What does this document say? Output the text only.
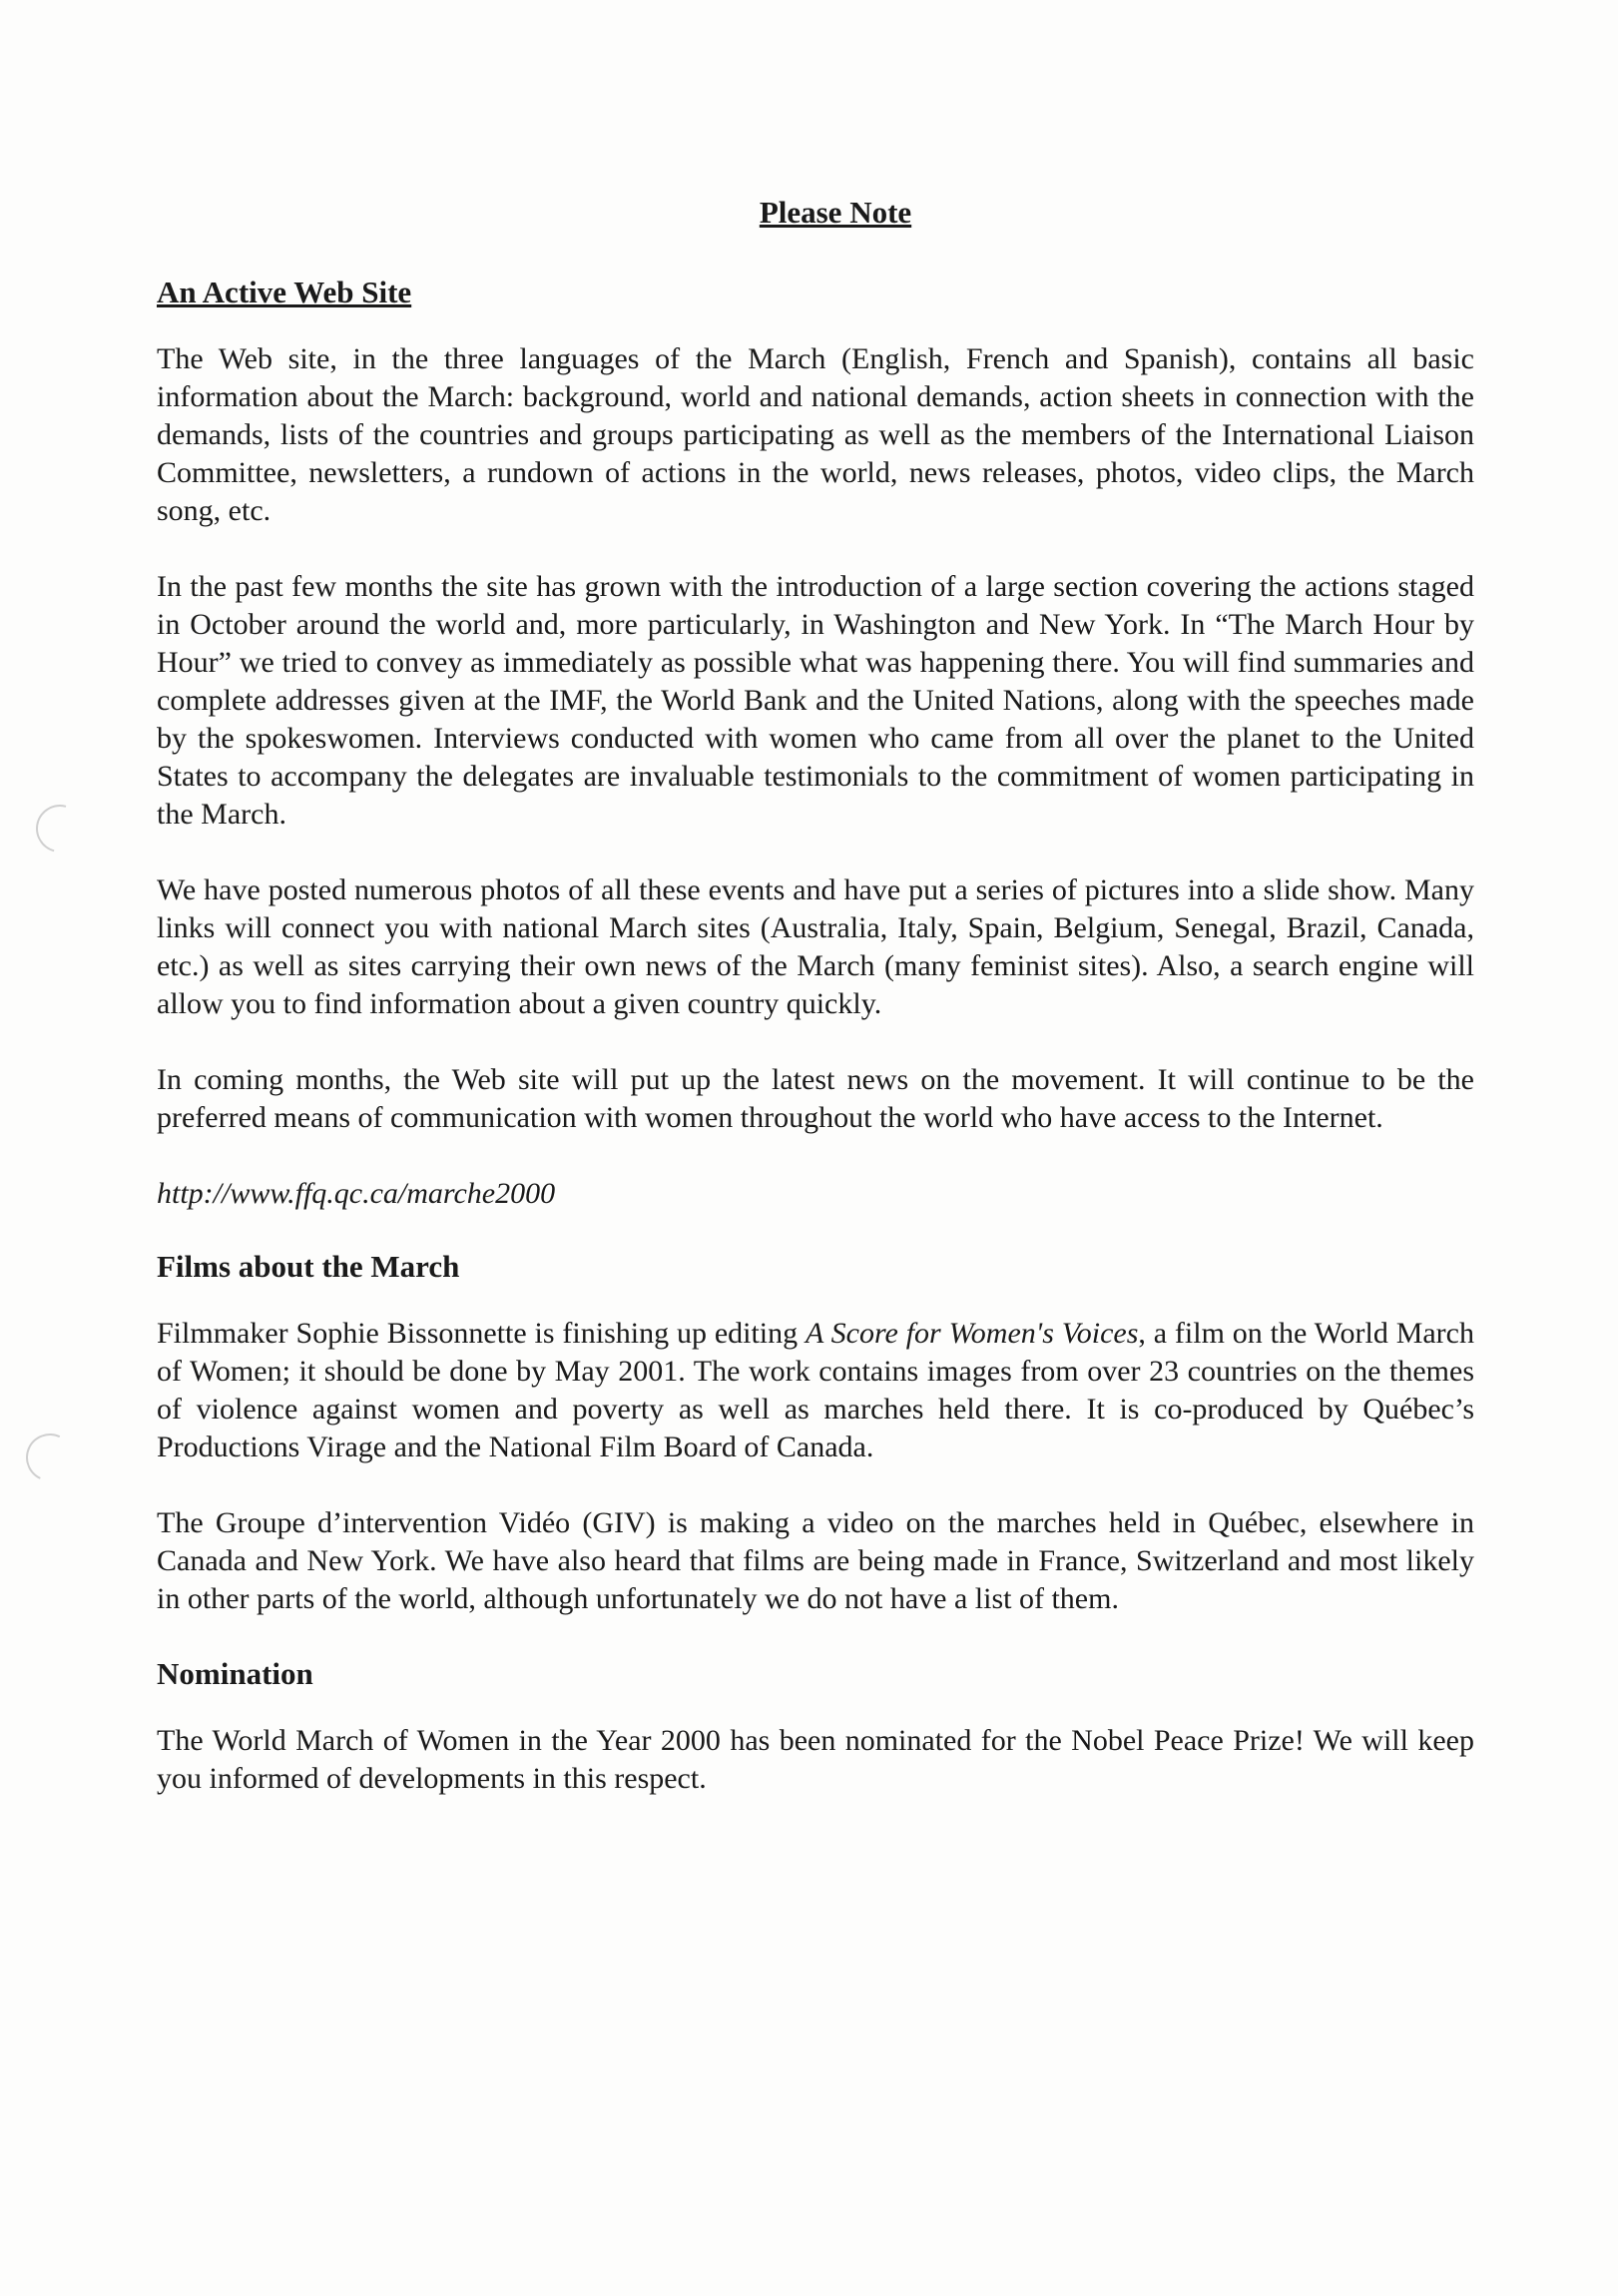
Please Note
An Active Web Site

The Web site, in the three languages of the March (English, French and Spanish), contains all basic information about the March: background, world and national demands, action sheets in connection with the demands, lists of the countries and groups participating as well as the members of the International Liaison Committee, newsletters, a rundown of actions in the world, news releases, photos, video clips, the March song, etc.

In the past few months the site has grown with the introduction of a large section covering the actions staged in October around the world and, more particularly, in Washington and New York. In “The March Hour by Hour” we tried to convey as immediately as possible what was happening there. You will find summaries and complete addresses given at the IMF, the World Bank and the United Nations, along with the speeches made by the spokeswomen. Interviews conducted with women who came from all over the planet to the United States to accompany the delegates are invaluable testimonials to the commitment of women participating in the March.

We have posted numerous photos of all these events and have put a series of pictures into a slide show. Many links will connect you with national March sites (Australia, Italy, Spain, Belgium, Senegal, Brazil, Canada, etc.) as well as sites carrying their own news of the March (many feminist sites). Also, a search engine will allow you to find information about a given country quickly.

In coming months, the Web site will put up the latest news on the movement. It will continue to be the preferred means of communication with women throughout the world who have access to the Internet.

http://www.ffq.qc.ca/marche2000

Films about the March

Filmmaker Sophie Bissonnette is finishing up editing A Score for Women's Voices, a film on the World March of Women; it should be done by May 2001. The work contains images from over 23 countries on the themes of violence against women and poverty as well as marches held there. It is co-produced by Québec’s Productions Virage and the National Film Board of Canada.

The Groupe d’intervention Vidéo (GIV) is making a video on the marches held in Québec, elsewhere in Canada and New York. We have also heard that films are being made in France, Switzerland and most likely in other parts of the world, although unfortunately we do not have a list of them.

Nomination

The World March of Women in the Year 2000 has been nominated for the Nobel Peace Prize! We will keep you informed of developments in this respect.
